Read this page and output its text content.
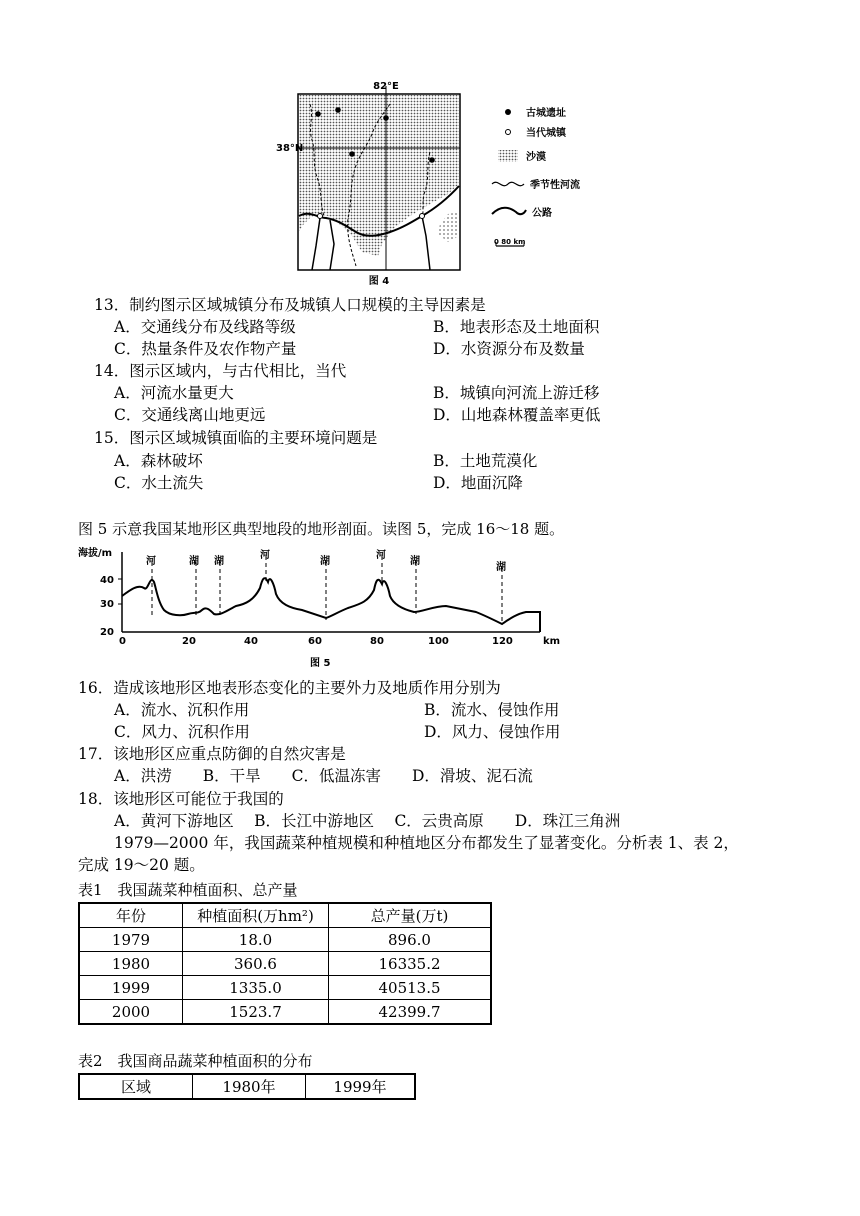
82°E
38°N
图 4
古城遗址
当代城镇
沙漠
季节性河流
公路
0 80 km
13．制约图示区域城镇分布及城镇人口规模的主导因素是
A．交通线分布及线路等级	B．地表形态及土地面积
C．热量条件及农作物产量	D．水资源分布及数量
14．图示区域内，与古代相比，当代
A．河流水量更大	B．城镇向河流上游迁移
C．交通线离山地更远	D．山地森林覆盖率更低
15．图示区域城镇面临的主要环境问题是
A．森林破坏	B．土地荒漠化
C．水土流失	D．地面沉降
图 5 示意我国某地形区典型地段的地形剖面。读图 5，完成 16～18 题。
海拔/m
40
30
20
0	20	40	60	80	100	120	km
河	湖 湖
河
湖
河
湖
湖
图 5
16．造成该地形区地表形态变化的主要外力及地质作用分别为
A．流水、沉积作用	B．流水、侵蚀作用
C．风力、沉积作用	D．风力、侵蚀作用
17．该地形区应重点防御的自然灾害是
A．洪涝　　B．干旱　　C．低温冻害　　D．滑坡、泥石流
18．该地形区可能位于我国的
A．黄河下游地区　 B．长江中游地区　 C．云贵高原　　D．珠江三角洲
1979—2000 年，我国蔬菜种植规模和种植地区分布都发生了显著变化。分析表 1、表 2，
完成 19～20 题。
表1　我国蔬菜种植面积、总产量
年份	种植面积(万hm²)	总产量(万t)
1979	18.0	896.0
1980	360.6	16335.2
1999	1335.0	40513.5
2000	1523.7	42399.7
表2　我国商品蔬菜种植面积的分布
区域	1980年	1999年
